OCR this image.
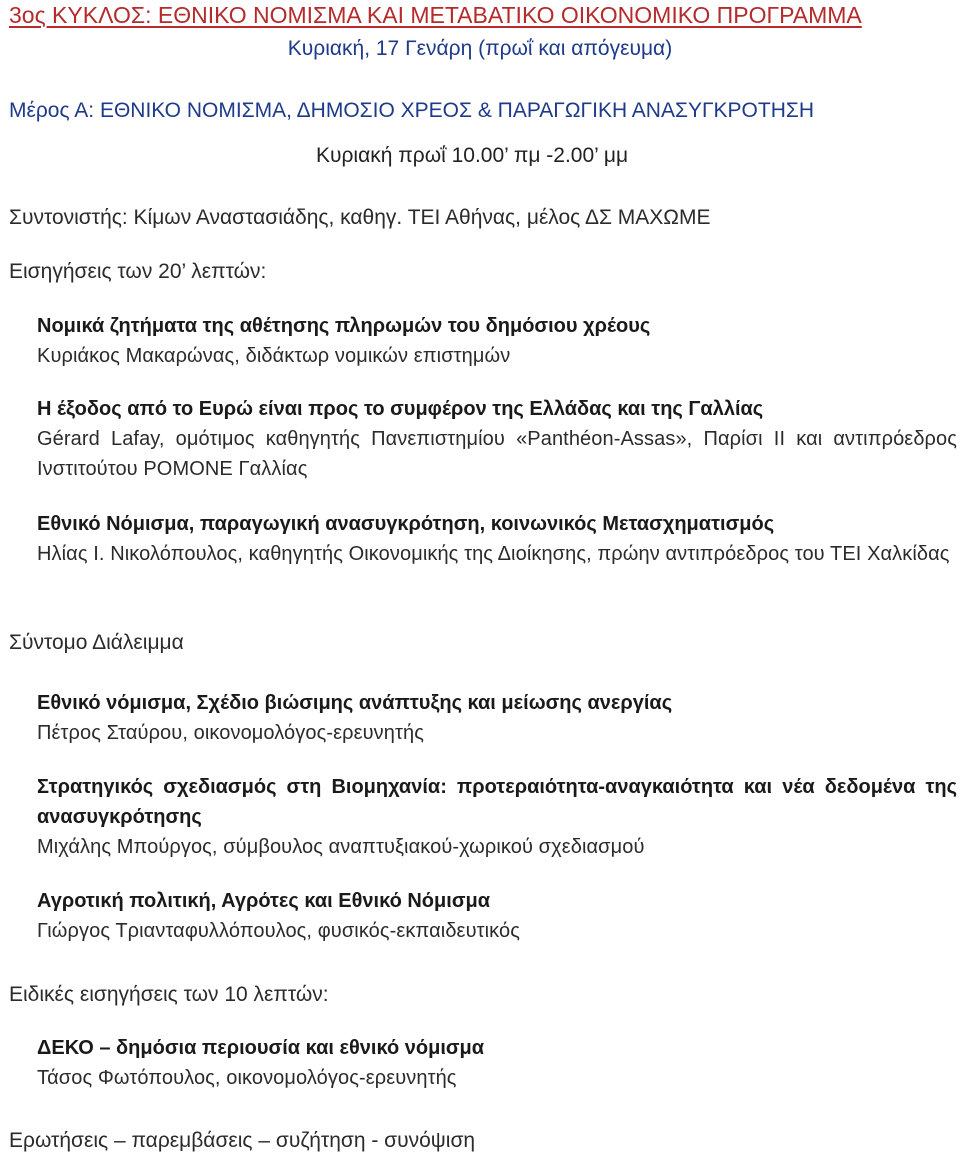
3ος ΚΥΚΛΟΣ: ΕΘΝΙΚΟ ΝΟΜΙΣΜΑ ΚΑΙ ΜΕΤΑΒΑΤΙΚΟ ΟΙΚΟΝΟΜΙΚΟ ΠΡΟΓΡΑΜΜΑ
Κυριακή, 17 Γενάρη (πρωΐ και απόγευμα)
Μέρος Α: ΕΘΝΙΚΟ ΝΟΜΙΣΜΑ, ΔΗΜΟΣΙΟ ΧΡΕΟΣ & ΠΑΡΑΓΩΓΙΚΗ ΑΝΑΣΥΓΚΡΟΤΗΣΗ
Κυριακή πρωΐ 10.00’ πμ -2.00’ μμ
Συντονιστής: Κίμων Αναστασιάδης, καθηγ. ΤΕΙ Αθήνας, μέλος ΔΣ ΜΑΧΩΜΕ
Εισηγήσεις των 20’ λεπτών:
Νομικά ζητήματα της αθέτησης πληρωμών του δημόσιου χρέους
Κυριάκος Μακαρώνας, διδάκτωρ νομικών επιστημών
Η έξοδος από το Ευρώ είναι προς το συμφέρον της Ελλάδας και της Γαλλίας
Gérard Lafay, ομότιμος καθηγητής Πανεπιστημίου «Panthéon-Assas», Παρίσι ΙΙ και αντιπρόεδρος Ινστιτούτου ΡΟΜΟΝΕ Γαλλίας
Εθνικό Νόμισμα, παραγωγική ανασυγκρότηση, κοινωνικός Μετασχηματισμός
Ηλίας Ι. Νικολόπουλος, καθηγητής Οικονομικής της Διοίκησης, πρώην αντιπρόεδρος του ΤΕΙ Χαλκίδας
Σύντομο Διάλειμμα
Εθνικό νόμισμα, Σχέδιο βιώσιμης ανάπτυξης και μείωσης ανεργίας
Πέτρος Σταύρου, οικονομολόγος-ερευνητής
Στρατηγικός σχεδιασμός στη Βιομηχανία: προτεραιότητα-αναγκαιότητα και νέα δεδομένα της ανασυγκρότησης
Μιχάλης Μπούργος, σύμβουλος αναπτυξιακού-χωρικού σχεδιασμού
Αγροτική πολιτική, Αγρότες και Εθνικό Νόμισμα
Γιώργος Τριανταφυλλόπουλος, φυσικός-εκπαιδευτικός
Ειδικές εισηγήσεις των 10 λεπτών:
ΔΕΚΟ – δημόσια περιουσία και εθνικό νόμισμα
Τάσος Φωτόπουλος, οικονομολόγος-ερευνητής
Ερωτήσεις – παρεμβάσεις – συζήτηση - συνόψιση
